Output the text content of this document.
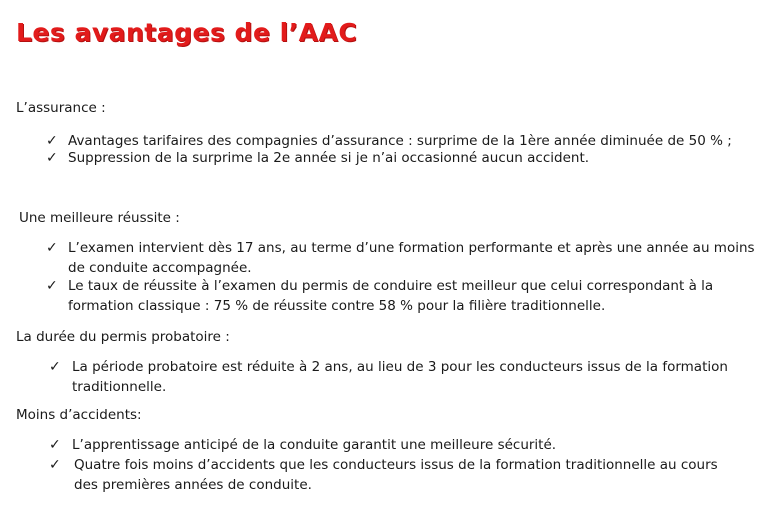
Les avantages de l’AAC
L’assurance :
✓ Avantages tarifaires des compagnies d’assurance : surprime de la 1ère année diminuée de 50 % ;
✓ Suppression de la surprime la 2e année si je n’ai occasionné aucun accident.
Une meilleure réussite :
✓ L’examen intervient dès 17 ans, au terme d’une formation performante et après une année au moins de conduite accompagnée.
✓ Le taux de réussite à l’examen du permis de conduire est meilleur que celui correspondant à la formation classique : 75 % de réussite contre 58 % pour la filière traditionnelle.
La durée du permis probatoire :
✓ La période probatoire est réduite à 2 ans, au lieu de 3 pour les conducteurs issus de la formation traditionnelle.
Moins d’accidents:
✓ L’apprentissage anticipé de la conduite garantit une meilleure sécurité.
✓ Quatre fois moins d’accidents que les conducteurs issus de la formation traditionnelle au cours des premières années de conduite.
